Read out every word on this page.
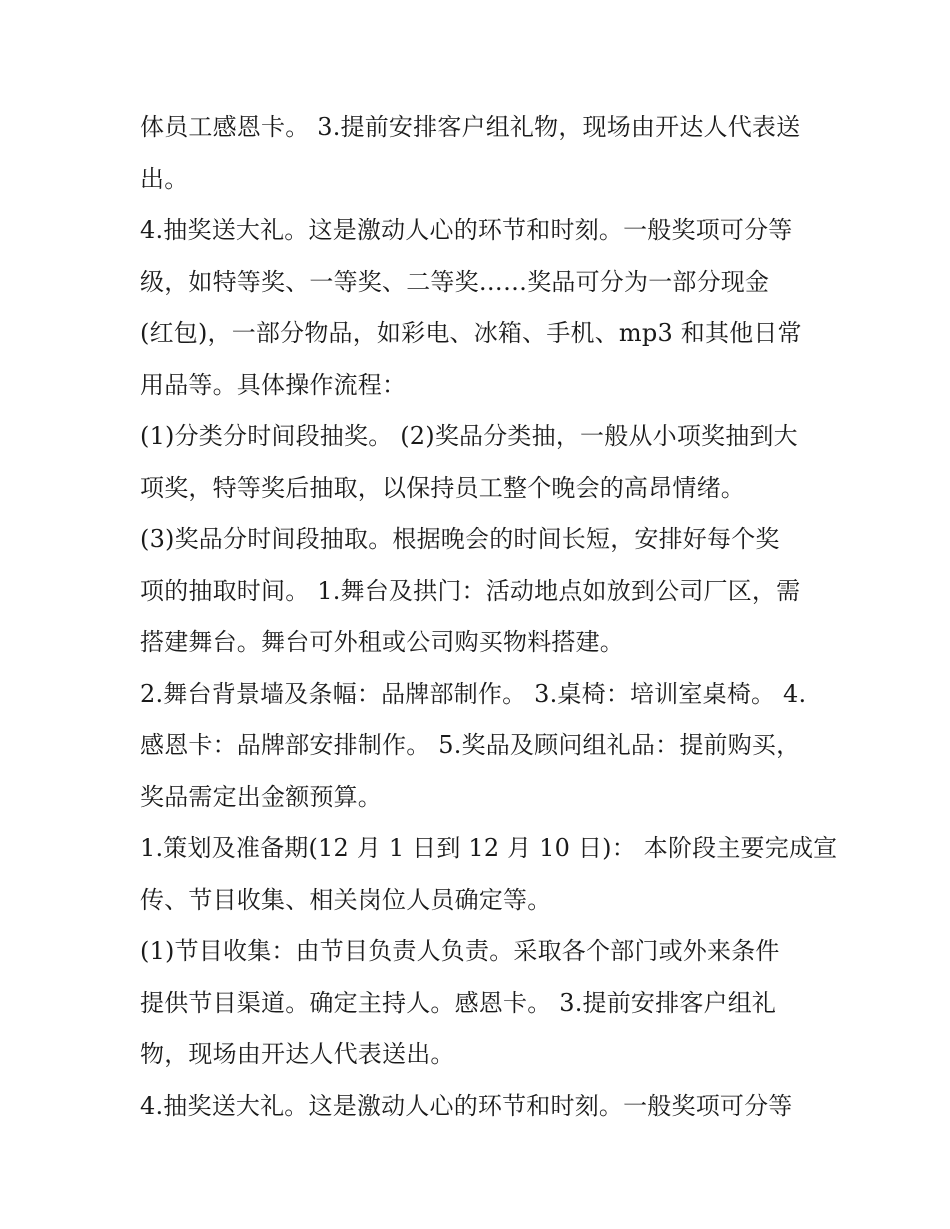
体员工感恩卡。 3.提前安排客户组礼物，现场由开达人代表送
出。
4.抽奖送大礼。这是激动人心的环节和时刻。一般奖项可分等
级，如特等奖、一等奖、二等奖……奖品可分为一部分现金
(红包)，一部分物品，如彩电、冰箱、手机、mp3 和其他日常
用品等。具体操作流程：
(1)分类分时间段抽奖。 (2)奖品分类抽，一般从小项奖抽到大
项奖，特等奖后抽取，以保持员工整个晚会的高昂情绪。
(3)奖品分时间段抽取。根据晚会的时间长短，安排好每个奖
项的抽取时间。 1.舞台及拱门：活动地点如放到公司厂区，需
搭建舞台。舞台可外租或公司购买物料搭建。
2.舞台背景墙及条幅：品牌部制作。 3.桌椅：培训室桌椅。 4.
感恩卡：品牌部安排制作。 5.奖品及顾问组礼品：提前购买，
奖品需定出金额预算。
1.策划及准备期(12 月 1 日到 12 月 10 日)： 本阶段主要完成宣
传、节目收集、相关岗位人员确定等。
(1)节目收集：由节目负责人负责。采取各个部门或外来条件
提供节目渠道。确定主持人。感恩卡。 3.提前安排客户组礼
物，现场由开达人代表送出。
4.抽奖送大礼。这是激动人心的环节和时刻。一般奖项可分等
